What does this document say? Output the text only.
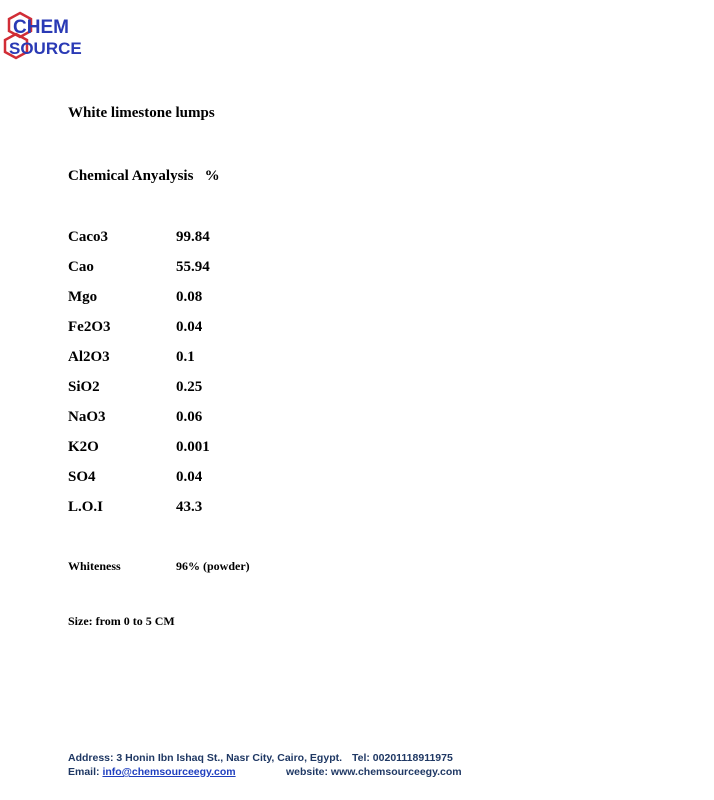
CHEM
SOURCE
White limestone lumps
Chemical Anyalysis   %
Caco3	99.84
Cao	55.94
Mgo	0.08
Fe2O3	0.04
Al2O3	0.1
SiO2	0.25
NaO3	0.06
K2O	0.001
SO4	0.04
L.O.I	43.3
Whiteness	96% (powder)
Size: from 0 to 5 CM
Address: 3 Honin Ibn Ishaq St., Nasr City, Cairo, Egypt. Tel: 00201118911975
Email: info@chemsourceegy.com	website: www.chemsourceegy.com
